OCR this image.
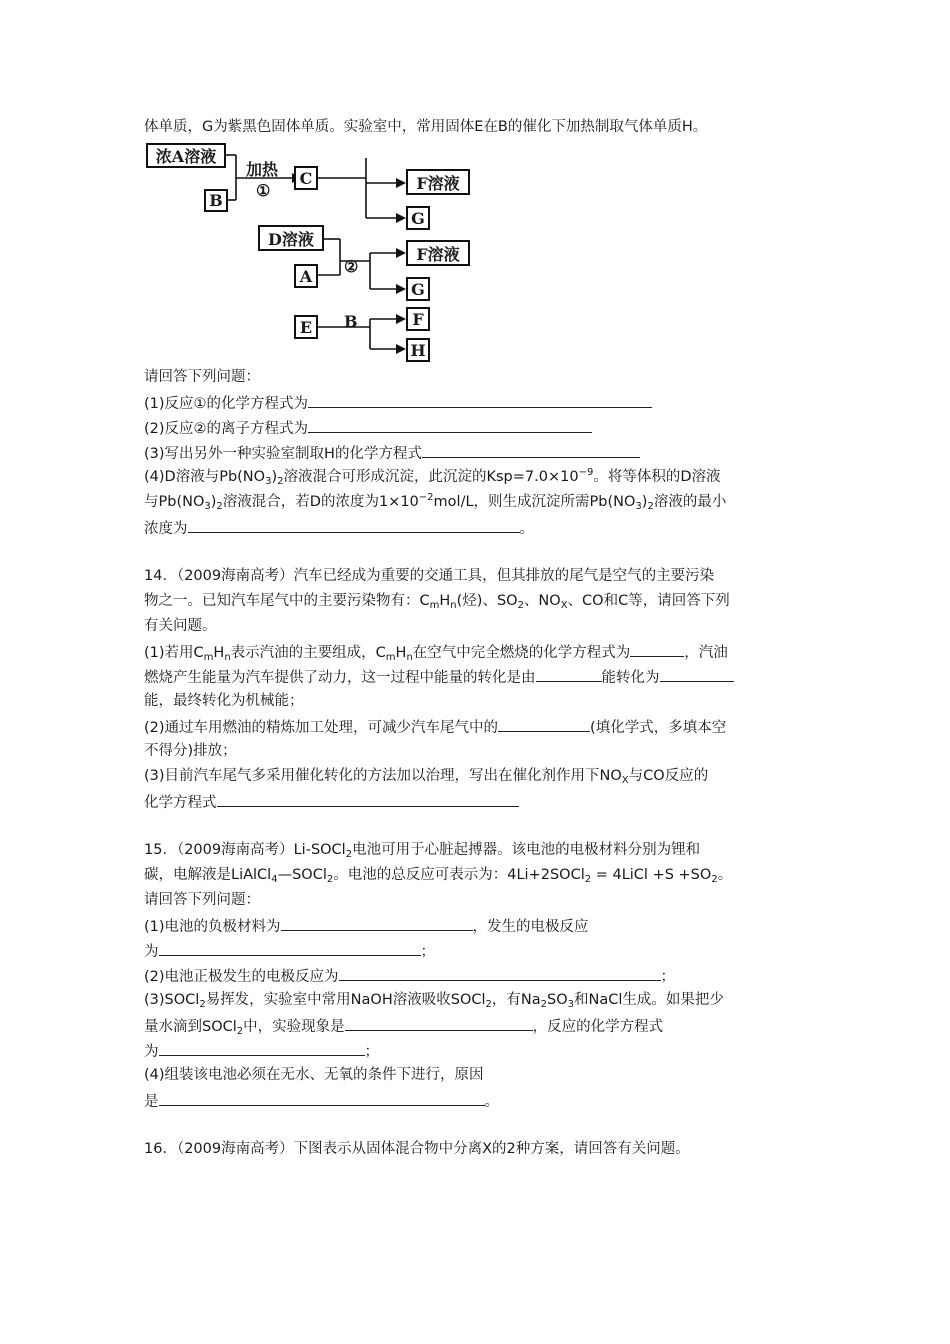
体单质，G为紫黑色固体单质。实验室中，常用固体E在B的催化下加热制取气体单质H。
浓A溶液
B
加热
①
C	F溶液
G
D溶液
A	②
F溶液
G
E	B	F
H
请回答下列问题：
(1)反应①的化学方程式为
(2)反应②的离子方程式为
(3)写出另外一种实验室制取H的化学方程式
(4)D溶液与$Pb(NO_3)_2$溶液混合可形成沉淀，此沉淀的$Ksp=7.0\times 10^{-9}$。将等体积的D溶液
与$Pb(NO_3)_2$溶液混合，若D的浓度为$1\times 10^{-2}mol/L$，则生成沉淀所需$Pb(NO_3)_2$溶液的最小
浓度为	。
14．（2009海南高考）汽车已经成为重要的交通工具，但其排放的尾气是空气的主要污染
物之一。已知汽车尾气中的主要污染物有：$C_mH_n$(烃)、$SO_2$、$NO_X$、CO和C等，请回答下列
有关问题。
(1)若用$C_mH_n$表示汽油的主要组成，$C_mH_n$在空气中完全燃烧的化学方程式为	，汽油
燃烧产生能量为汽车提供了动力，这一过程中能量的转化是由	能转化为
能，最终转化为机械能；
(2)通过车用燃油的精炼加工处理，可减少汽车尾气中的	(填化学式，多填本空
不得分)排放；
(3)目前汽车尾气多采用催化转化的方法加以治理，写出在催化剂作用下$NO_X$与CO反应的
化学方程式
15．（2009海南高考）Li-SOCl$_2$电池可用于心脏起搏器。该电池的电极材料分别为锂和
碳，电解液是LiAlCl$_4$—SOCl$_2$。电池的总反应可表示为：4Li+2SOCl$_2$ = 4LiCl $+S +SO_2$。
请回答下列问题：
(1)电池的负极材料为	，发生的电极反应
为	；
(2)电池正极发生的电极反应为	；
(3)SOCl$_2$易挥发，实验室中常用NaOH溶液吸收SOCl$_2$，有$Na_2SO_3$和NaCl生成。如果把少
量水滴到SOCl$_2$中，实验现象是	，反应的化学方程式
为	；
(4)组装该电池必须在无水、无氧的条件下进行，原因
是	。
16．（2009海南高考）下图表示从固体混合物中分离X的2种方案，请回答有关问题。
